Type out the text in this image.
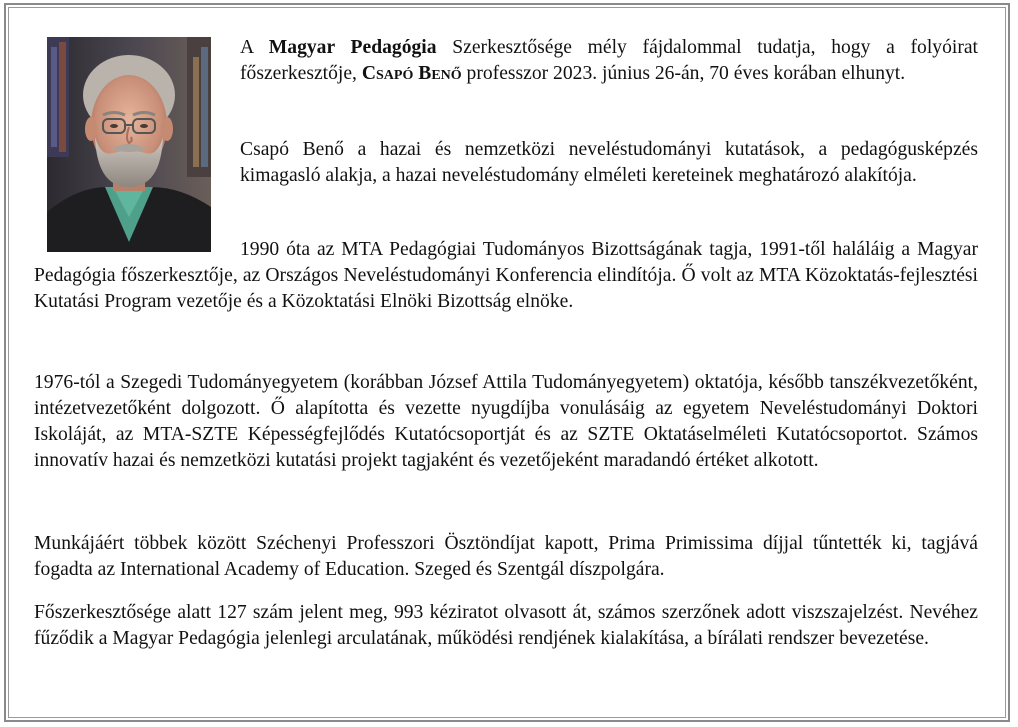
A Magyar Pedagógia Szerkesztősége mély fájdalommal tudatja, hogy a folyóirat főszerkesztője, Csapó Benő professzor 2023. június 26-án, 70 éves korában elhunyt.

Csapó Benő a hazai és nemzetközi neveléstudományi kutatások, a pedagógusképzés kimagasló alakja, a hazai neveléstudomány elméleti kereteinek meghatározó alakítója.

1990 óta az MTA Pedagógiai Tudományos Bizottságának tagja, 1991-től haláláig a Magyar Pedagógia főszerkesztője, az Országos Neveléstudományi Konferencia elindítója. Ő volt az MTA Közoktatás-fejlesztési Kutatási Program vezetője és a Közoktatási Elnöki Bizottság elnöke.

1976-tól a Szegedi Tudományegyetem (korábban József Attila Tudományegyetem) oktatója, később tanszékvezetőként, intézetvezetőként dolgozott. Ő alapította és vezette nyugdíjba vonulásáig az egyetem Neveléstudományi Doktori Iskoláját, az MTA-SZTE Képességfejlődés Kutatócsoportját és az SZTE Oktatáselméleti Kutatócsoportot. Számos innovatív hazai és nemzetközi kutatási projekt tagjaként és vezetőjeként maradandó értéket alkotott.

Munkájáért többek között Széchenyi Professzori Ösztöndíjat kapott, Prima Primissima díjjal tűntették ki, tagjává fogadta az International Academy of Education. Szeged és Szentgál díszpolgára.

Főszerkesztősége alatt 127 szám jelent meg, 993 kéziratot olvasott át, számos szerzőnek adott viszszajelzést. Nevéhez fűződik a Magyar Pedagógia jelenlegi arculatának, működési rendjének kialakítása, a bírálati rendszer bevezetése.
